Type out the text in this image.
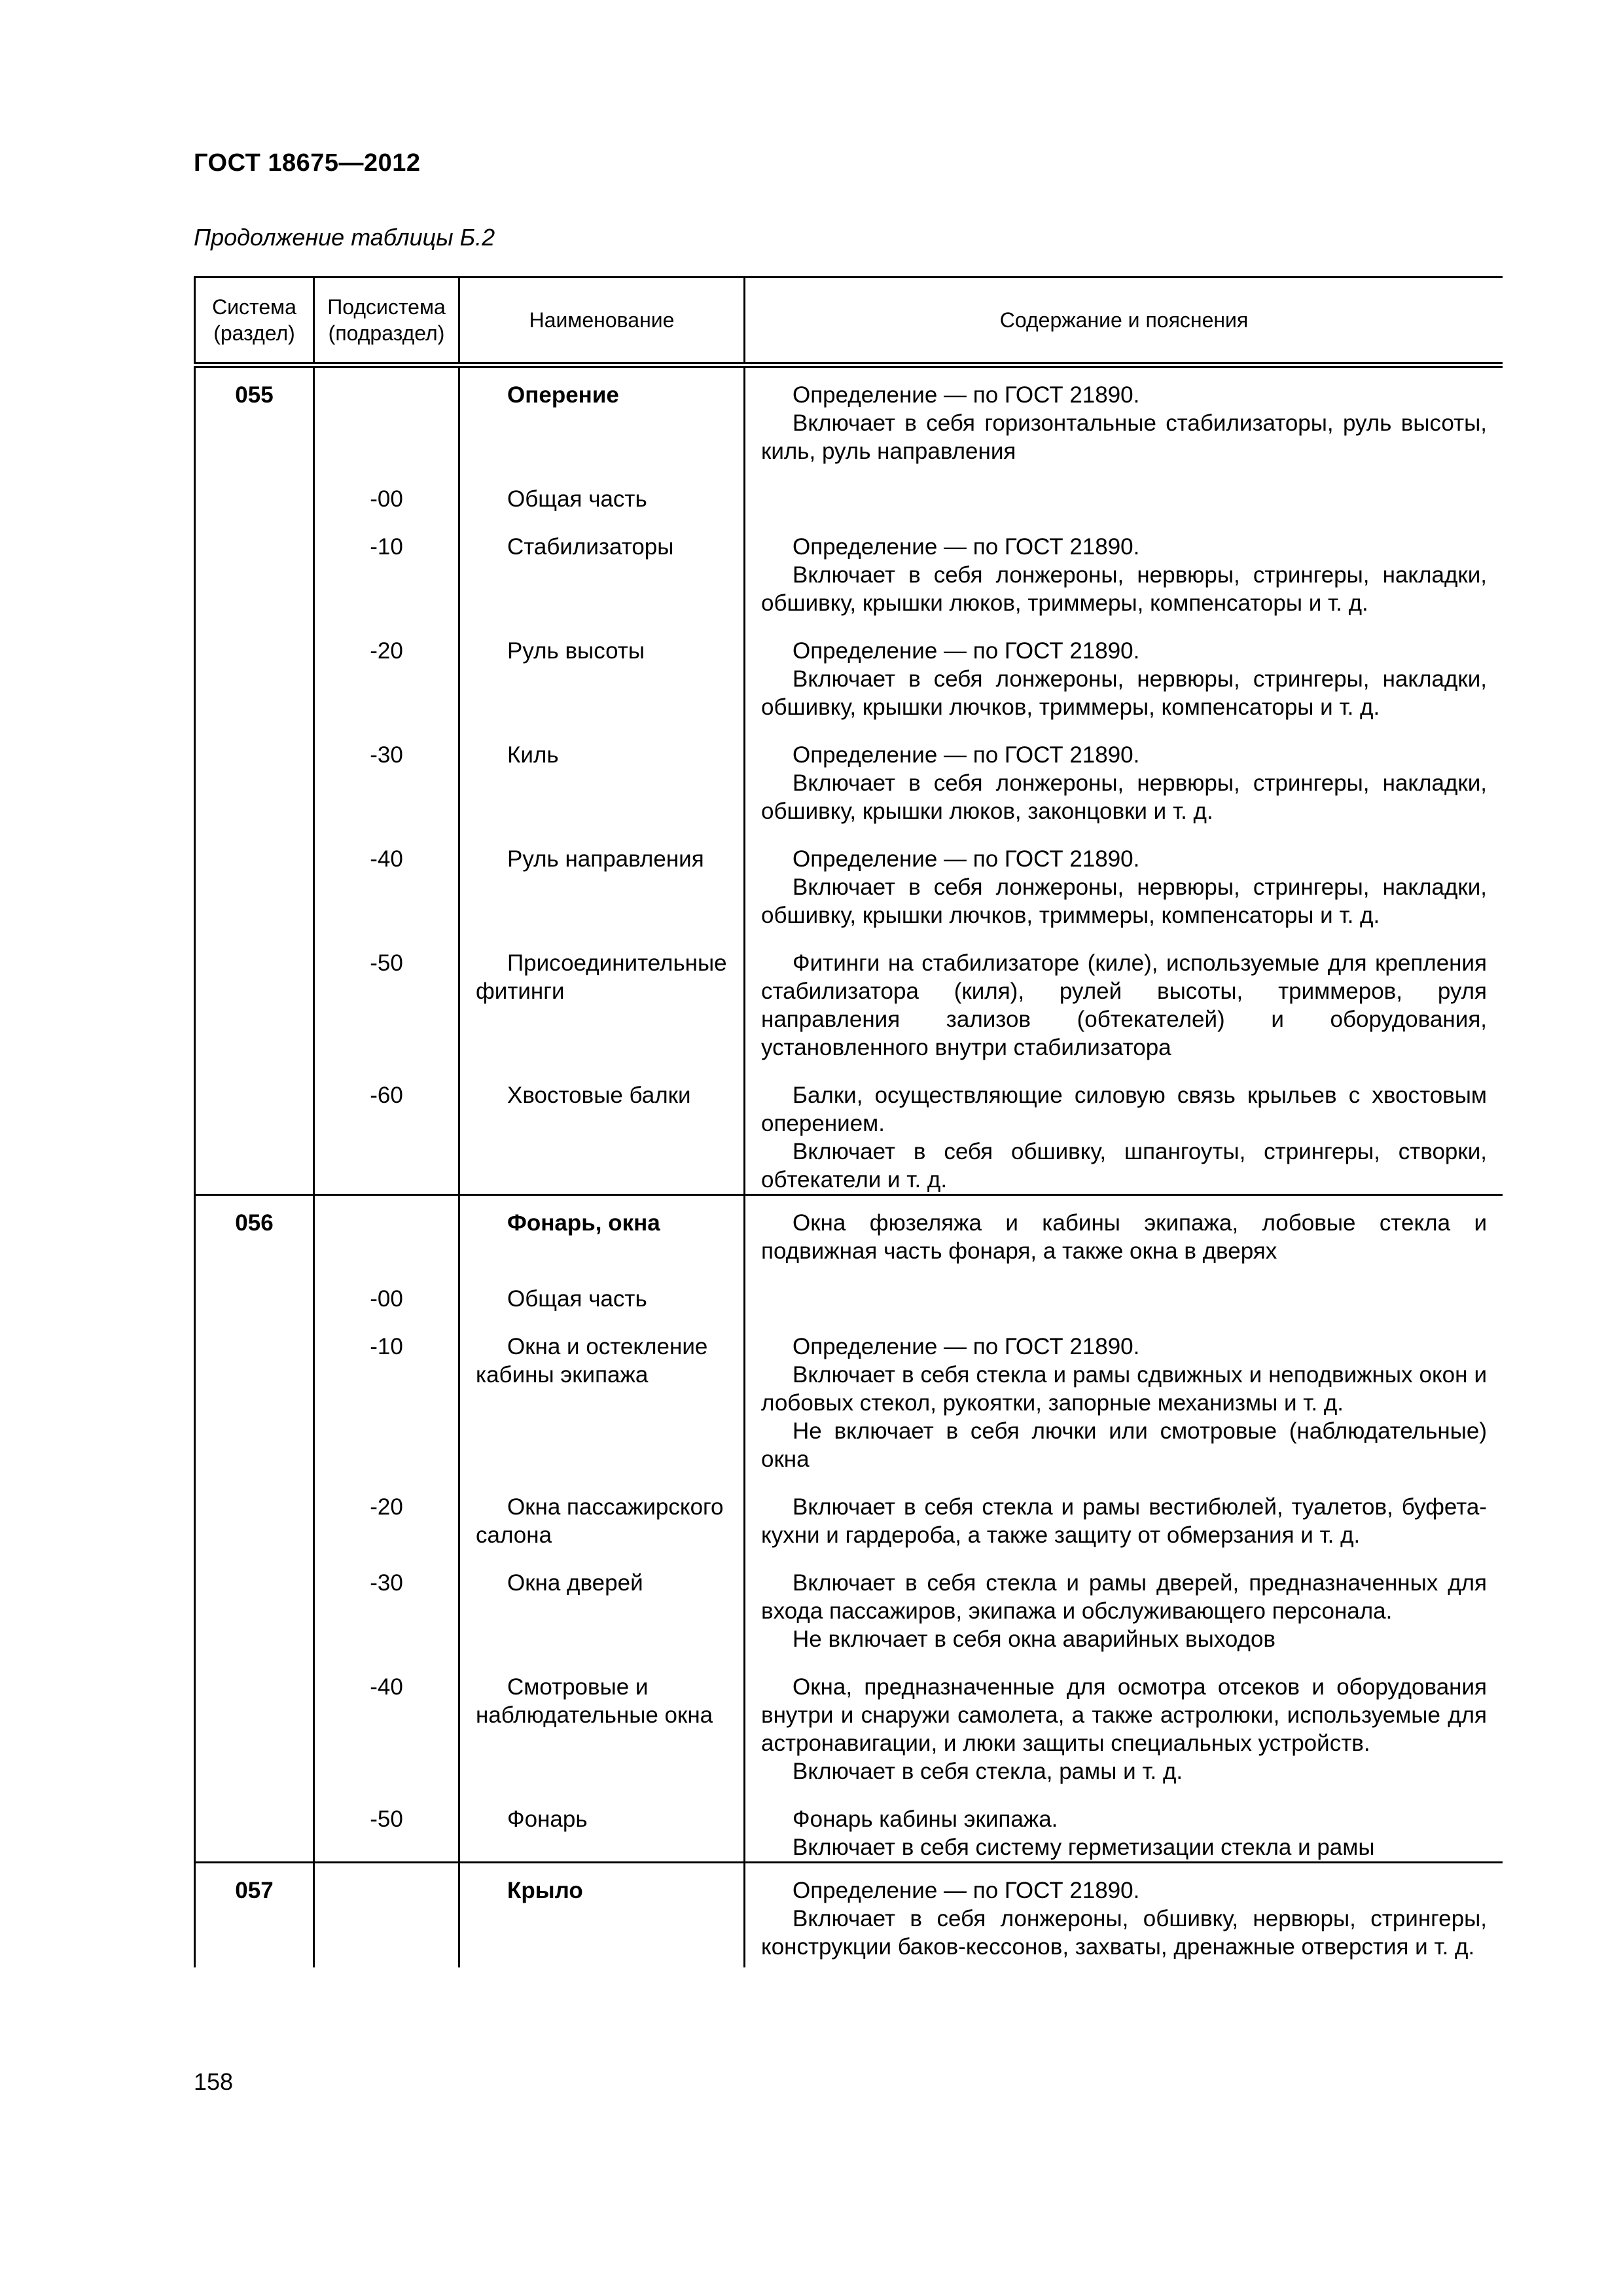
ГОСТ 18675—2012
Продолжение таблицы Б.2
Система (раздел)	Подсистема (подраздел)	Наименование	Содержание и пояснения
055		Оперение	Определение — по ГОСТ 21890.
Включает в себя горизонтальные стабилизаторы, руль высоты, киль, руль направления

	-00	Общая часть	

	-10	Стабилизаторы	Определение — по ГОСТ 21890.
Включает в себя лонжероны, нервюры, стрингеры, накладки, обшивку, крышки люков, триммеры, компенсаторы и т. д.

	-20	Руль высоты	Определение — по ГОСТ 21890.
Включает в себя лонжероны, нервюры, стрингеры, накладки, обшивку, крышки лючков, триммеры, компенсаторы и т. д.

	-30	Киль	Определение — по ГОСТ 21890.
Включает в себя лонжероны, нервюры, стрингеры, накладки, обшивку, крышки люков, законцовки и т. д.

	-40	Руль направления	Определение — по ГОСТ 21890.
Включает в себя лонжероны, нервюры, стрингеры, накладки, обшивку, крышки лючков, триммеры, компенсаторы и т. д.

	-50	Присоединительные фитинги	Фитинги на стабилизаторе (киле), используемые для крепления стабилизатора (киля), рулей высоты, триммеров, руля направления зализов (обтекателей) и оборудования, установленного внутри стабилизатора

	-60	Хвостовые балки	Балки, осуществляющие силовую связь крыльев с хвостовым оперением.
Включает в себя обшивку, шпангоуты, стрингеры, створки, обтекатели и т. д.

056		Фонарь, окна	Окна фюзеляжа и кабины экипажа, лобовые стекла и подвижная часть фонаря, а также окна в дверях

	-00	Общая часть	

	-10	Окна и остекление кабины экипажа	Определение — по ГОСТ 21890.
Включает в себя стекла и рамы сдвижных и неподвижных окон и лобовых стекол, рукоятки, запорные механизмы и т. д.
Не включает в себя лючки или смотровые (наблюдательные) окна

	-20	Окна пассажирского салона	Включает в себя стекла и рамы вестибюлей, туалетов, буфета-кухни и гардероба, а также защиту от обмерзания и т. д.

	-30	Окна дверей	Включает в себя стекла и рамы дверей, предназначенных для входа пассажиров, экипажа и обслуживающего персонала.
Не включает в себя окна аварийных выходов

	-40	Смотровые и наблюдательные окна	Окна, предназначенные для осмотра отсеков и оборудования внутри и снаружи самолета, а также астролюки, используемые для астронавигации, и люки защиты специальных устройств.
Включает в себя стекла, рамы и т. д.

	-50	Фонарь	Фонарь кабины экипажа.
Включает в себя систему герметизации стекла и рамы

057		Крыло	Определение — по ГОСТ 21890.
Включает в себя лонжероны, обшивку, нервюры, стрингеры, конструкции баков-кессонов, захваты, дренажные отверстия и т. д.
158
